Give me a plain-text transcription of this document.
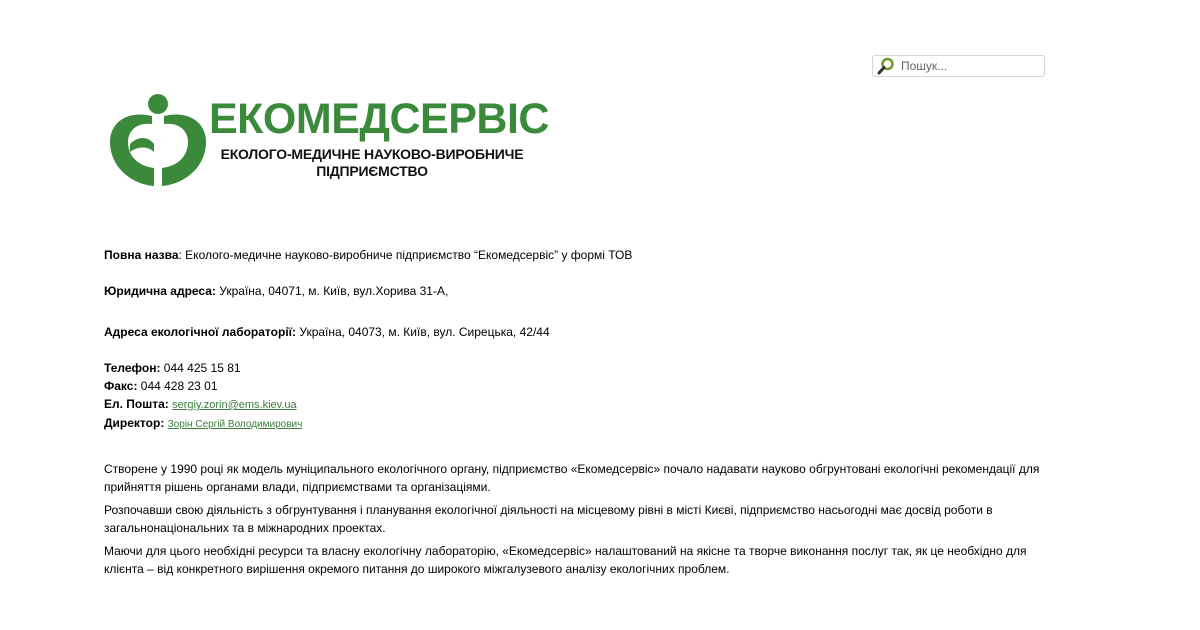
Пошук...
ЕКОМЕДСЕРВІС
ЕКОЛОГО-МЕДИЧНЕ НАУКОВО-ВИРОБНИЧЕ
ПІДПРИЄМСТВО

Повна назва: Еколого-медичне науково-виробниче підприємство “Екомедсервіс” у формі ТОВ

Юридична адреса: Україна, 04071, м. Київ, вул.Хорива 31-А,

Адреса екологічної лабораторії: Україна, 04073, м. Київ, вул. Сирецька, 42/44

Телефон: 044 425 15 81

Факс: 044 428 23 01

Ел. Пошта: sergiy.zorin@ems.kiev.ua

Директор: Зорін Сергій Володимирович

Створене у 1990 році як модель муніципального екологічного органу, підприємство «Екомедсервіс» почало надавати науково обгрунтовані екологічні рекомендації для прийняття рішень органами влади, підприємствами та організаціями.

Розпочавши свою діяльність з обгрунтування і планування екологічної діяльності на місцевому рівні в місті Києві, підприємство насьогодні має досвід роботи в загальнонаціональних та в міжнародних проектах.

Маючи для цього необхідні ресурси та власну екологічну лабораторію, «Екомедсервіс» налаштований на якісне та творче виконання послуг так, як це необхідно для клієнта – від конкретного вирішення окремого питання до широкого міжгалузевого аналізу екологічних проблем.
